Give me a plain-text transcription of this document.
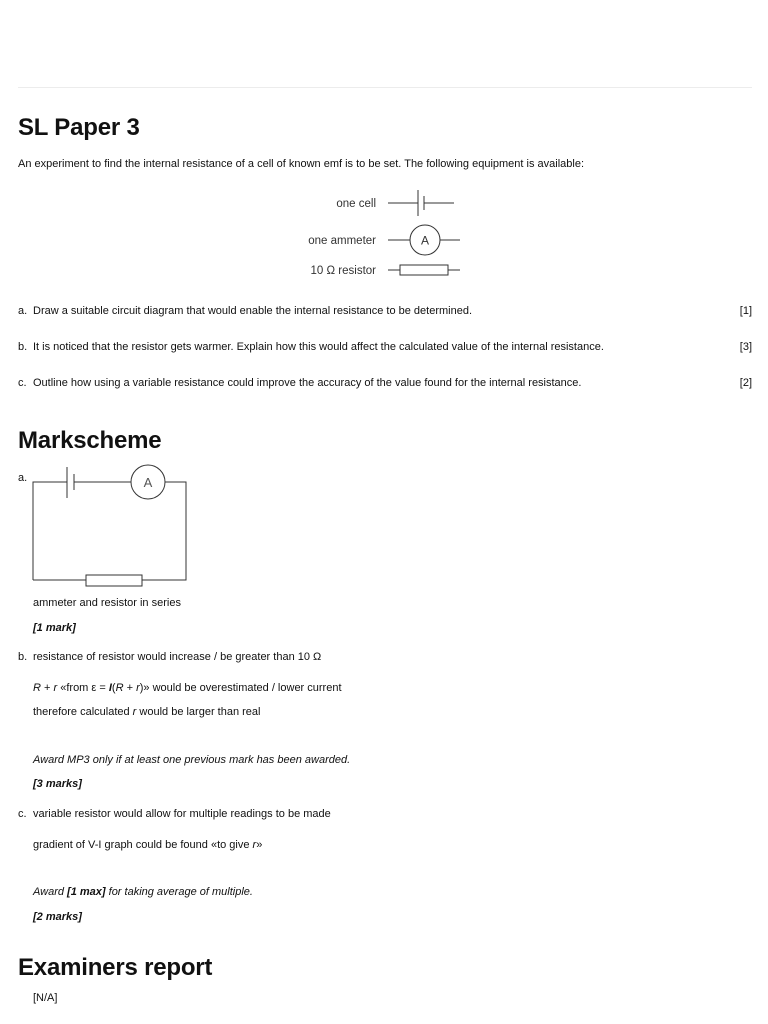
SL Paper 3
An experiment to find the internal resistance of a cell of known emf is to be set. The following equipment is available:
one cell
one ammeter	A
10 Ω resistor
a. Draw a suitable circuit diagram that would enable the internal resistance to be determined.	[1]
b. It is noticed that the resistor gets warmer. Explain how this would affect the calculated value of the internal resistance.	[3]
c. Outline how using a variable resistance could improve the accuracy of the value found for the internal resistance.	[2]
Markscheme
a.	A
ammeter and resistor in series
[1 mark]
b. resistance of resistor would increase / be greater than 10 Ω
R + r «from ε = I(R + r)» would be overestimated / lower current
therefore calculated r would be larger than real
Award MP3 only if at least one previous mark has been awarded.
[3 marks]
c. variable resistor would allow for multiple readings to be made
gradient of V-I graph could be found «to give r»
Award [1 max] for taking average of multiple.
[2 marks]
Examiners report
[N/A]
